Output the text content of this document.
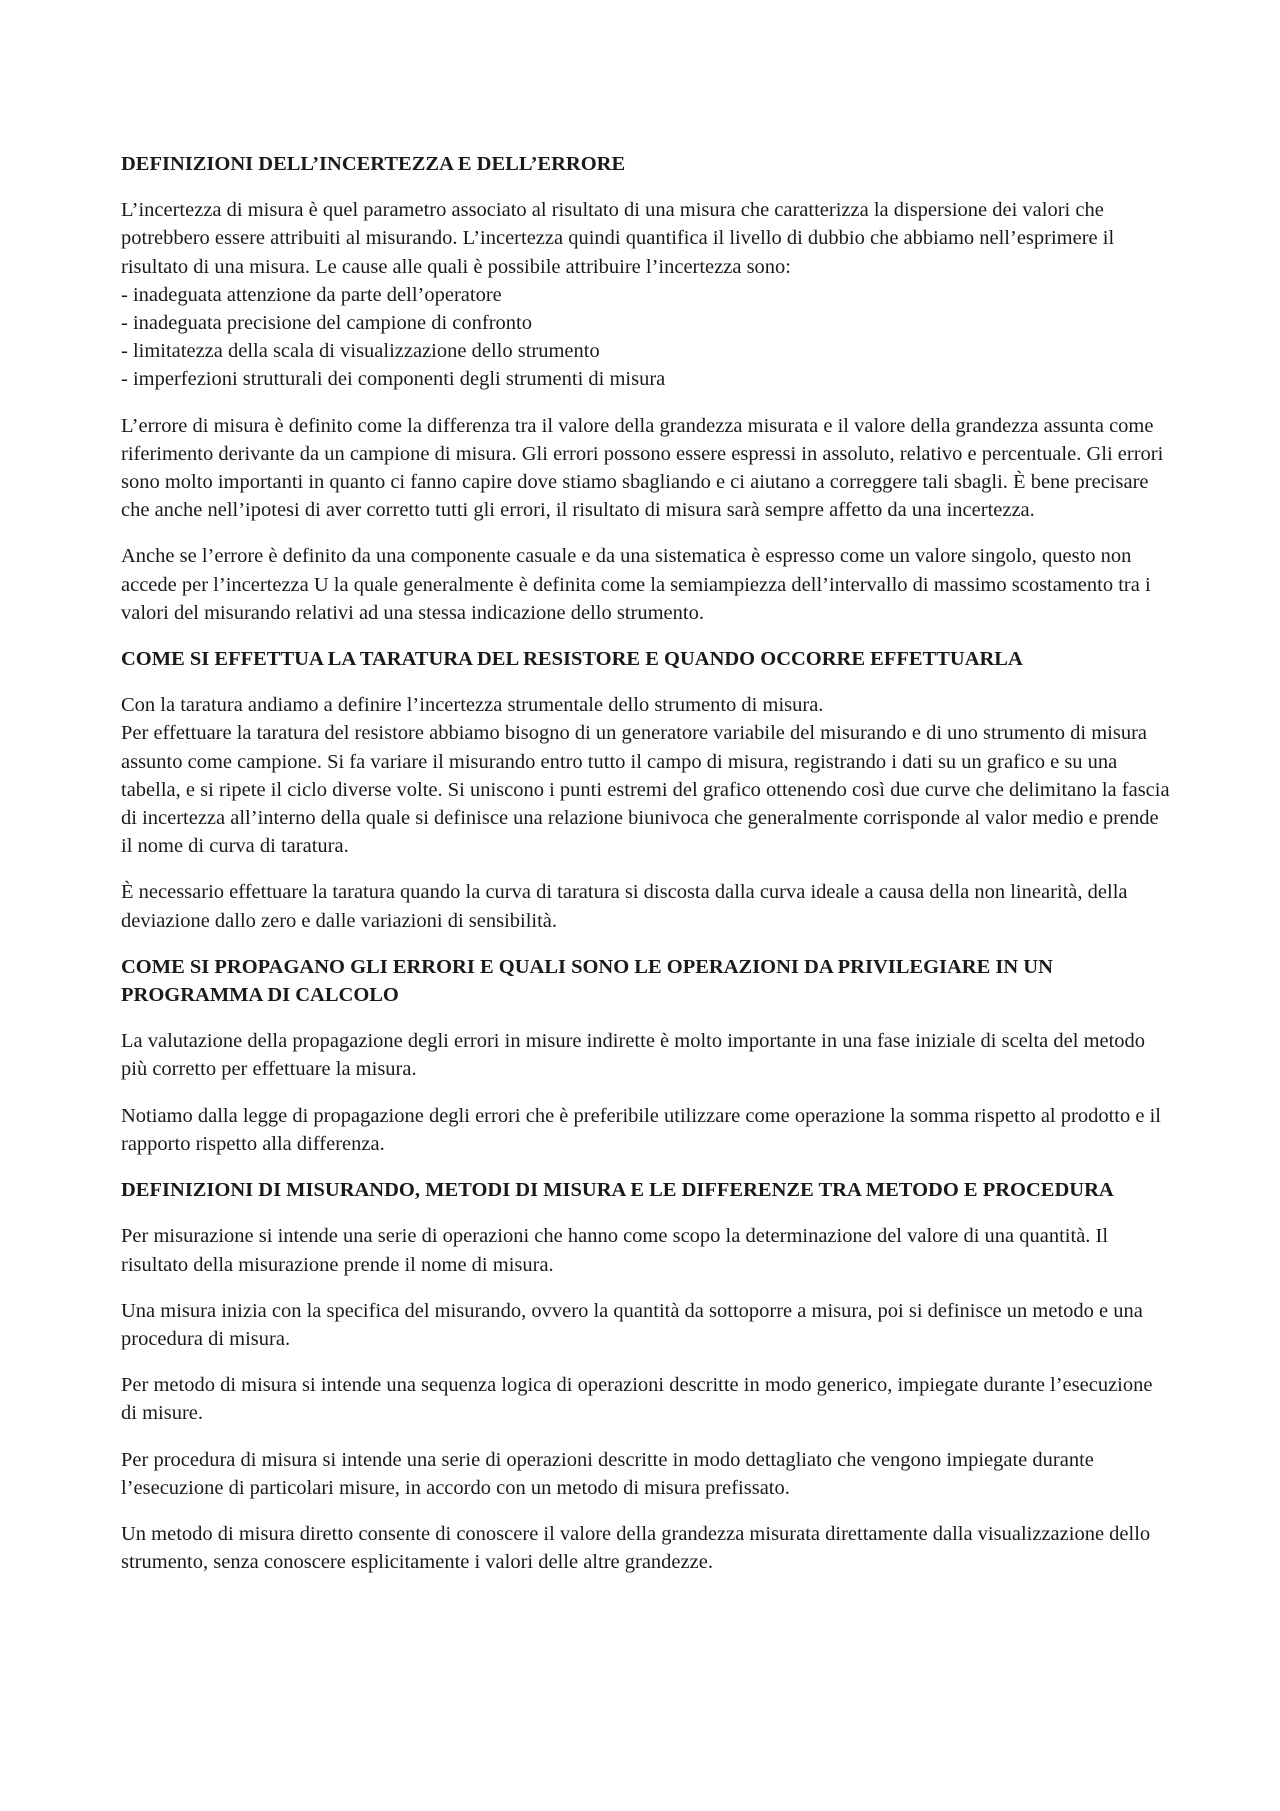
DEFINIZIONI DELL’INCERTEZZA E DELL’ERRORE

L’incertezza di misura è quel parametro associato al risultato di una misura che caratterizza la dispersione dei valori che potrebbero essere attribuiti al misurando. L’incertezza quindi quantifica il livello di dubbio che abbiamo nell’esprimere il risultato di una misura. Le cause alle quali è possibile attribuire l’incertezza sono:

- inadeguata attenzione da parte dell’operatore
- inadeguata precisione del campione di confronto
- limitatezza della scala di visualizzazione dello strumento
- imperfezioni strutturali dei componenti degli strumenti di misura

L’errore di misura è definito come la differenza tra il valore della grandezza misurata e il valore della grandezza assunta come riferimento derivante da un campione di misura. Gli errori possono essere espressi in assoluto, relativo e percentuale. Gli errori sono molto importanti in quanto ci fanno capire dove stiamo sbagliando e ci aiutano a correggere tali sbagli. È bene precisare che anche nell’ipotesi di aver corretto tutti gli errori, il risultato di misura sarà sempre affetto da una incertezza.

Anche se l’errore è definito da una componente casuale e da una sistematica è espresso come un valore singolo, questo non accede per l’incertezza U la quale generalmente è definita come la semiampiezza dell’intervallo di massimo scostamento tra i valori del misurando relativi ad una stessa indicazione dello strumento.

COME SI EFFETTUA LA TARATURA DEL RESISTORE E QUANDO OCCORRE EFFETTUARLA

Con la taratura andiamo a definire l’incertezza strumentale dello strumento di misura.

Per effettuare la taratura del resistore abbiamo bisogno di un generatore variabile del misurando e di uno strumento di misura assunto come campione. Si fa variare il misurando entro tutto il campo di misura, registrando i dati su un grafico e su una tabella, e si ripete il ciclo diverse volte. Si uniscono i punti estremi del grafico ottenendo così due curve che delimitano la fascia di incertezza all’interno della quale si definisce una relazione biunivoca che generalmente corrisponde al valor medio e prende il nome di curva di taratura.

È necessario effettuare la taratura quando la curva di taratura si discosta dalla curva ideale a causa della non linearità, della deviazione dallo zero e dalle variazioni di sensibilità.

COME SI PROPAGANO GLI ERRORI E QUALI SONO LE OPERAZIONI DA PRIVILEGIARE IN UN PROGRAMMA DI CALCOLO

La valutazione della propagazione degli errori in misure indirette è molto importante in una fase iniziale di scelta del metodo più corretto per effettuare la misura.

Notiamo dalla legge di propagazione degli errori che è preferibile utilizzare come operazione la somma rispetto al prodotto e il rapporto rispetto alla differenza.

DEFINIZIONI DI MISURANDO, METODI DI MISURA E LE DIFFERENZE TRA METODO E PROCEDURA

Per misurazione si intende una serie di operazioni che hanno come scopo la determinazione del valore di una quantità. Il risultato della misurazione prende il nome di misura.

Una misura inizia con la specifica del misurando, ovvero la quantità da sottoporre a misura, poi si definisce un metodo e una procedura di misura.

Per metodo di misura si intende una sequenza logica di operazioni descritte in modo generico, impiegate durante l’esecuzione di misure.

Per procedura di misura si intende una serie di operazioni descritte in modo dettagliato che vengono impiegate durante l’esecuzione di particolari misure, in accordo con un metodo di misura prefissato.

Un metodo di misura diretto consente di conoscere il valore della grandezza misurata direttamente dalla visualizzazione dello strumento, senza conoscere esplicitamente i valori delle altre grandezze.
